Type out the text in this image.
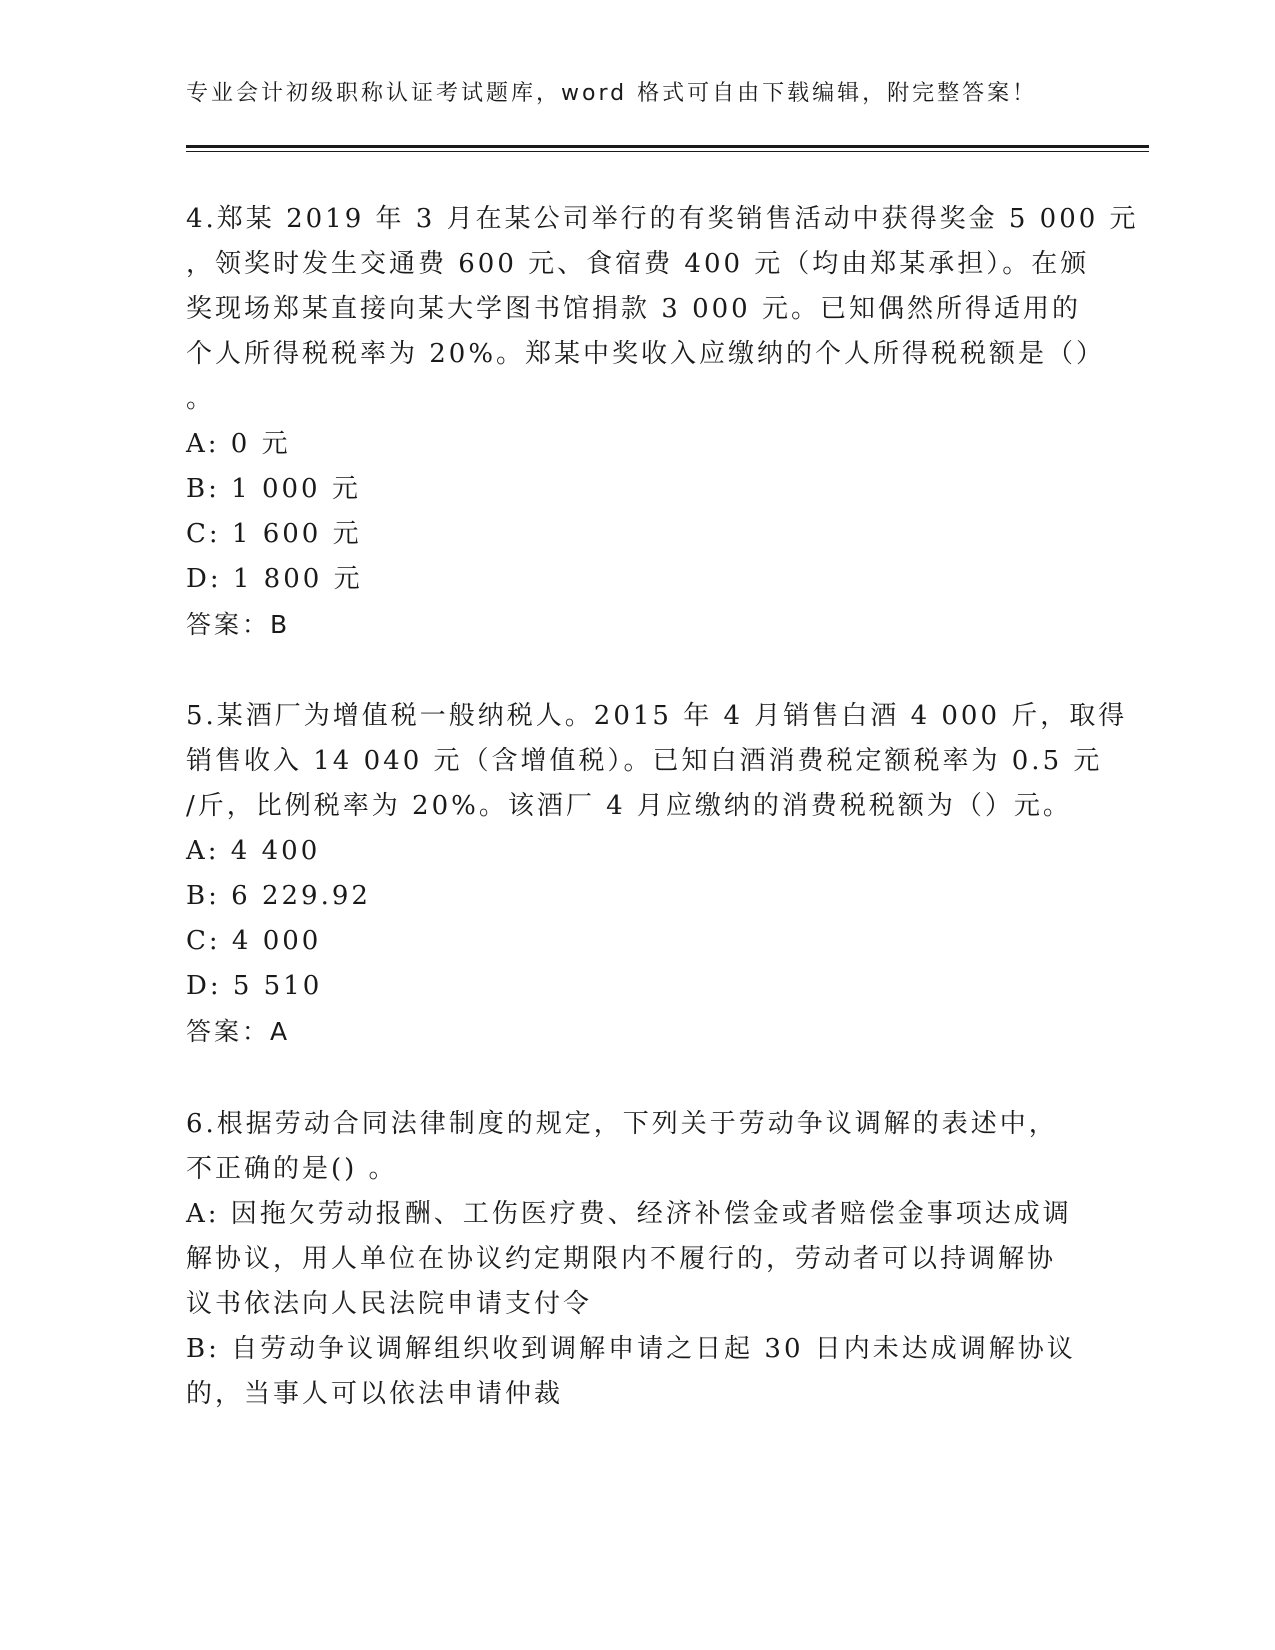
专业会计初级职称认证考试题库，word 格式可自由下载编辑，附完整答案！
4.郑某 2019 年 3 月在某公司举行的有奖销售活动中获得奖金 5 000 元
，领奖时发生交通费 600 元、食宿费 400 元（均由郑某承担）。在颁
奖现场郑某直接向某大学图书馆捐款 3 000 元。已知偶然所得适用的
个人所得税税率为 20%。郑某中奖收入应缴纳的个人所得税税额是（）
。
A: 0 元
B: 1 000 元
C: 1 600 元
D: 1 800 元
答案：B
5.某酒厂为增值税一般纳税人。2015 年 4 月销售白酒 4 000 斤，取得
销售收入 14 040 元（含增值税）。已知白酒消费税定额税率为 0.5 元
/斤，比例税率为 20%。该酒厂 4 月应缴纳的消费税税额为（）元。
A: 4 400
B: 6 229.92
C: 4 000
D: 5 510
答案：A
6.根据劳动合同法律制度的规定，下列关于劳动争议调解的表述中，
不正确的是() 。
A: 因拖欠劳动报酬、工伤医疗费、经济补偿金或者赔偿金事项达成调
解协议，用人单位在协议约定期限内不履行的，劳动者可以持调解协
议书依法向人民法院申请支付令
B: 自劳动争议调解组织收到调解申请之日起 30 日内未达成调解协议
的，当事人可以依法申请仲裁
